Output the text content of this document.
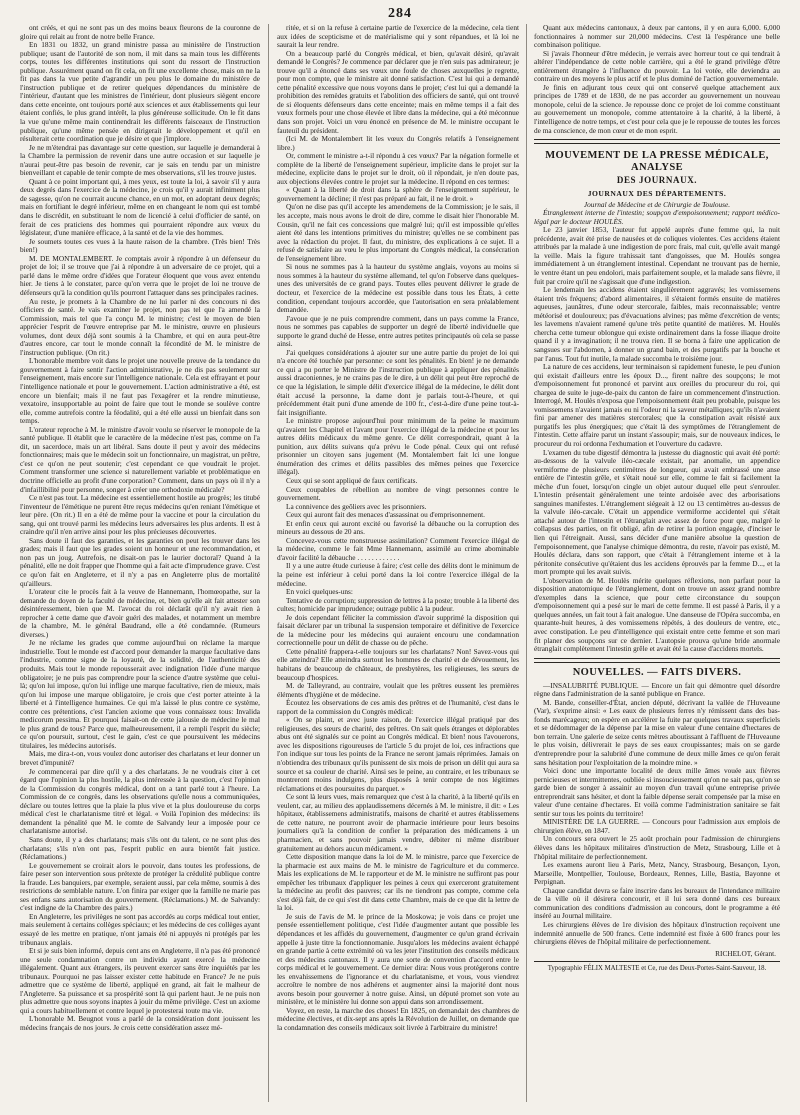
284

ont créés, et qui ne sont pas un des moins beaux fleurons de la couronne de gloire qui relait au front de notre belle France.

En 1831 ou 1832, un grand ministre passa au ministère de l'instruction publique; usant de l'autorité de son nom, il mit dans sa main tous les différents corps, toutes les différentes institutions qui sont du ressort de l'instruction publique. Assurément quand on fit cela, on fit une excellente chose, mais on ne la fit pas dans la vue petite d'agrandir un peu plus le domaine du ministère de l'instruction publique et de retirer quelques dépendances du ministère de l'intérieur, d'autant que les ministres de l'intérieur, dont plusieurs siègent encore dans cette enceinte, ont toujours porté aux sciences et aux établissements qui leur étaient confiés, le plus grand intérêt, la plus généreuse sollicitude. On le fit dans la vue qu'une même main continendrait les différents faisceaux de l'instruction publique, qu'une même pensée en dirigerait le développement et qu'il en résulterait cette coordination que je désire et que j'implore.

Je ne m'étendrai pas davantage sur cette question, sur laquelle je demanderai à la Chambre la permission de revenir dans une autre occasion et sur laquelle je n'aurai peut-être pas besoin de revenir, car je sais en tendu par un ministre bienveillant et capable de tenir compte de mes observations, s'il les trouve justes.

Quant à ce point important qui, à mes yeux, est toute la loi, à savoir s'il y aura deux degrés dans l'exercice de la médecine, je crois qu'il y aurait infiniment plus de sagesse, qu'on ne courrait aucune chance, en un mot, en adoptant deux degrés; mais en fortifiant le degré inférieur, même en en changeant le nom qui est tombé dans le discrédit, en substituant le nom de licencié à celui d'officier de santé, on ferait de ces praticiens des hommes qui pourraient répondre aux vœux du législateur, d'une manière efficace, à la santé et de la vie des hommes.

Je soumets toutes ces vues à la haute raison de la chambre. (Très bien! Très bien!)

M. DE MONTALEMBERT. Je comptais avoir à répondre à un défenseur du projet de loi; il se trouve que j'ai à répondre à un adversaire de ce projet, qui a parlé dans le même ordre d'idées que l'orateur éloquent que vous avez entendu hier. Je tiens à le constater, parce qu'on verra que le projet de loi ne trouve de défenseurs qu'à la condition qu'ils pourront l'attaquer dans ses principales racines.

Au reste, je promets à la Chambre de ne lui parler ni des concours ni des officiers de santé. Je vais examiner le projet, non pas tel que l'a amendé la Commission, mais tel que l'a conçu M. le ministre; c'est le moyen de bien apprécier l'esprit de l'œuvre entreprise par M. le ministre, œuvre en plusieurs volumes, dont deux déjà sont soumis à la Chambre, et qui en aura peut-être d'autres encore, car tout le monde connaît la fécondité de M. le ministre de l'instruction publique. (On rit.)

L'honorable membre voit dans le projet une nouvelle preuve de la tendance du gouvernement à faire sentir l'action administrative, je ne dis pas seulement sur l'enseignement, mais encore sur l'intelligence nationale. Cela est effrayant et pour l'intelligence nationale et pour le gouvernement. L'action administrative a été, est encore un bienfait; mais il ne faut pas l'exagérer et la rendre minutieuse, vexatoire, insupportable au point de faire que tout le monde se soulève contre elle, comme autrefois contre la féodalité, qui a été elle aussi un bienfait dans son temps.

L'orateur reproche à M. le ministre d'avoir voulu se réserver le monopole de la santé publique. Il établit que le caractère de la médecine n'est pas, comme on l'a dit, un sacerdoce, mais un art libéral. Sans doute il peut y avoir des médecins fonctionnaires; mais que le médecin soit un fonctionnaire, un magistrat, un prêtre, c'est ce qu'on ne peut soutenir; c'est cependant ce que voudrait le projet. Comment transformer une science si naturellement variable et problématique en doctrine officielle au profit d'une corporation? Comment, dans un pays où il n'y a d'infaillibilité pour personne, songer à créer une orthodoxie médicale?

Ce n'est pas tout. La médecine est essentiellement hostile au progrès; les titubé l'inventeur de l'émétique ne purent être reçus médecins qu'en reniant l'émétique et leur père. (On rit.) Il en a été de même pour la vaccine et pour la circulation du sang, qui ont trouvé parmi les médecins leurs adversaires les plus ardents. Il est à craindre qu'il n'en arrive ainsi pour les plus précieuses découvertes.

Sans doute il faut des garanties, et les garanties on peut les trouver dans les grades; mais il faut que les grades soient un honneur et une recommandation, et non pas un joug. Autrefois, ne disait-on pas le laurier doctoral? Quand à la pénalité, elle ne doit frapper que l'homme qui a fait acte d'imprudence grave. C'est ce qu'on fait en Angleterre, et il n'y a pas en Angleterre plus de mortalité qu'ailleurs.

L'orateur cite le procès fait à la veuve de Hannemann, l'homœopathe, sur la demande du doyen de la faculté de médecine, et, bien qu'elle ait fait attester son désintéressement, bien que M. l'avocat du roi déclarât qu'il n'y avait rien à reprocher à cette dame que d'avoir guéri des malades, et notamment un membre de la chambre, M. le général Baudrand, elle a été condamnée. (Rumeurs diverses.)

Je ne réclame les grades que comme aujourd'hui on réclame la marque industrielle. Tout le monde est d'accord pour demander la marque facultative dans l'industrie, comme signe de la loyauté, de la solidité, de l'authenticité des produits. Mais tout le monde repousserait avec indignation l'idée d'une marque obligatoire; je ne puis pas comprendre pour la science d'autre système que celui-là; qu'on lui impose, qu'on lui inflige une marque facultative, rien de mieux, mais qu'on lui impose une marque obligatoire, je crois que c'est porter atteinte à la liberté et à l'intelligence humaines. Ce qui m'a laissé le plus contre ce système, contre ces prétentions, c'est l'ancien axiome que vous connaissez tous: Invalida medicorum pessima. Et pourquoi faisait-on de cette jalousie de médecine le mal le plus grand de tous? Parce que, malheureusement, il a rempli l'esprit du siècle; ce qu'on poursuit, surtout, c'est le gain, c'est ce que poursuivent les médecins titulaires, les médecins autorisés.

Mais, me dira-t-on, vous voulez donc autoriser des charlatans et leur donner un brevet d'impunité?

Je commencerai par dire qu'il y a des charlatans. Je ne voudrais citer à cet égard que l'opinion la plus hostile, la plus intéressée à la question, c'est l'opinion de la Commission du congrès médical, dont on a tant parlé tout à l'heure. La Commission de ce congrès, dans les observations qu'elle nous a communiquées, déclare ou toutes lettres que la plaie la plus vive et la plus douloureuse du corps médical c'est le charlatanisme titré et légal. « Voilà l'opinion des médecins: ils demandent la pénalité que M. le comte de Salvandy leur a imposée pour ce charlatanisme autorisé.

Sans doute, il y a des charlatans; mais s'ils ont du talent, ce ne sont plus des charlatans; s'ils n'en ont pas, l'esprit public en aura bientôt fait justice. (Réclamations.)

Le gouvernement se croirait alors le pouvoir, dans toutes les professions, de faire peser son intervention sous prétexte de protéger la crédulité publique contre la fraude. Les banquiers, par exemple, seraient aussi, par cela même, soumis à des restrictions de semblable nature. L'on finira par exiger que la famille ne marie pas ses enfans sans autorisation du gouvernement. (Réclamations.) M. de Salvandy: c'est indigne de la Chambre des pairs.)

En Angleterre, les privilèges ne sont pas accordés au corps médical tout entier, mais seulement à certains collèges spéciaux; et les médecins de ces collèges ayant essayé de les mettre en pratique, n'ont jamais été ni appuyés ni protégés par les tribunaux anglais.

Et si je suis bien informé, depuis cent ans en Angleterre, il n'a pas été prononcé une seule condamnation contre un individu ayant exercé la médecine illégalement. Quant aux étrangers, ils peuvent exercer sans être inquiétés par les tribunaux. Pourquoi ne pas laisser exister cette habitude en France? Je ne puis admettre que ce système de liberté, appliqué en grand, ait fait le malheur de l'Angleterre. Sa puissance et sa prospérité sont là qui parlent haut. Je ne puis non plus admettre que nous soyons inaptes à jouir du même privilège. C'est un axiome qui a cours habituellement et contre lequel je protesterai toute ma vie.

L'honorable M. Beugnot vous a parlé de la considération dont jouissent les médecins français de nos jours. Je crois cette considération assez mé-

ritée, et si on la refuse à certaine partie de l'exercice de la médecine, cela tient aux idées de scepticisme et de matérialisme qui y sont répandues, et là loi ne saurait la leur rendre.

On a beaucoup parlé du Congrès médical, et bien, qu'avait désiré, qu'avait demandé le Congrès? Je commence par déclarer que je n'en suis pas admirateur; je trouve qu'il a énoncé dans ses vœux une foule de choses auxquelles je regrette, pour mon compte, que le ministre ait donné satisfaction. C'est lui qui a demandé cette pénalité excessive que nous voyons dans le projet; c'est lui qui a demandé la prohibition des remèdes gratuits et l'abolition des officiers de santé, qui ont trouvé de si éloquents défenseurs dans cette enceinte; mais en même temps il a fait des vœux formels pour une chose élevée et libre dans la médecine, qui a été méconnue dans son projet. Voici un vœu énoncé en présence de M. le ministre occupant le fauteuil du président.

(Ici M. de Montalembert lit les vœux du Congrès relatifs à l'enseignement libre.)

Or, comment le ministre a-t-il répondu à ces vœux? Par la négation formelle et complète de la liberté de l'enseignement supérieur, implicite dans le projet sur la médecine, explicite dans le projet sur le droit, où il répondait, je n'en doute pas, aux objections élevées contre le projet sur la médecine. Il répond en ces termes:

« Quant à la liberté de droit dans la sphère de l'enseignement supérieur, le gouvernement la décline; il n'est pas préparé au fait, il ne le droit. »

Qu'on ne dise pas qu'il accepte les amendemens de la Commission; je le sais, il les accepte, mais nous avons le droit de dire, comme le disait hier l'honorable M. Cousin, qu'il ne fait ces concessions que malgré lui; qu'il est impossible qu'elles aient été dans les intentions primitives du ministre; qu'elles ne se combinent pas avec la rédaction du projet. Il faut, du ministre, des explications à ce sujet. Il a refusé de satisfaire au vœu le plus important du Congrès médical, la consécration de l'enseignement libre.

Si nous ne sommes pas à la hauteur du système anglais, voyons au moins si nous sommes à la hauteur du système allemand, tel qu'on l'observe dans quelques-unes des universités de ce grand pays. Toutes elles peuvent délivrer le grade de docteur, et l'exercice de la médecine est possible dans tous les États, à cette condition, cependant toujours accordée, que l'autorisation en sera préalablement demandée.

J'avoue que je ne puis comprendre comment, dans un pays comme la France, nous ne sommes pas capables de supporter un degré de liberté individuelle que supporte le grand duché de Hesse, entre autres petites principautés où cela se passe ainsi.

J'ai quelques considérations à ajouter sur une autre partie du projet de loi qui n'a encore été touchée par personne: ce sont les pénalités. En bien! je ne demande ce qui a pu porter le Ministre de l'instruction publique à appliquer des pénalités aussi draconiennes, je ne crains pas de le dire, à un délit qui peut être reproché de ce que la législation, le simple délit d'exercice illégal de la médecine, le délit dont était accusé la personne, la dame dont je parlais tout-à-l'heure, et qui précédemment était puni d'une amende de 100 fr., c'est-à-dire d'une peine tout-à-fait insignifiante.

Le ministre propose aujourd'hui pour minimum de la peine le maximum qu'avaient les Chapitel et l'avant pour l'exercice illégal de la médecine et pour les autres délits médicaux du même genre. Ce délit correspondrait, quant à la punition, aux délits suivans qu'a prévu le Code pénal. Ceux qui ont refusé prisonnier un citoyen sans jugement (M. Montalembert fait lci une longue énumération des crimes et délits passibles des mêmes peines que l'exercice illégal).

Ceux qui se sont appliqué de faux certificats.

Ceux coupables de rébellion au nombre de vingt personnes contre le gouvernement.

La connivence des geôliers avec les prisonniers.

Ceux qui auront fait des menaces d'assassinat ou d'emprisonnement.

Et enfin ceux qui auront excité ou favorisé la débauche ou la corruption des mineurs au dessous de 20 ans.

Concevez-vous cette monstrueuse assimilation? Comment l'exercice illégal de la médecine, comme le fait Mme Hannemann, assimilé au crime abominable d'avoir facilité la débauche . . . . . . . . . . . .

Il y a une autre étude curieuse à faire; c'est celle des délits dont le minimum de la peine est inférieur à celui porté dans la loi contre l'exercice illégal de la médecine.

En voici quelques-uns:

Tentative de corruption; suppression de lettres à la poste; trouble à la liberté des cultes; homicide par imprudence; outrage public à la pudeur.

Je dois cependant féliciter la commission d'avoir supprimé la disposition qui faisait déclarer par un tribunal la suspension temporaire et définitive de l'exercice de la médecine pour les médecins qui auraient encouru une condamnation correctionnelle pour un délit de chasse ou de pêche.

Cette pénalité frappera-t-elle toujours sur les charlatans? Non! Savez-vous qui elle atteindra? Elle atteindra surtout les hommes de charité et de dévouement, les habitans de beaucoup de châteaux, de presbytères, les religieuses, les sœurs de beaucoup d'hospices.

M. de Talleyrand, au contraire, voulait que les prêtres eussent les premières éléments d'hygiène et de médecine.

Écoutez les observations de ces amis des prêtres et de l'humanité, c'est dans le rapport de la commission du Congrès médical:

« On se plaint, et avec juste raison, de l'exercice illégal pratiqué par des religieuses, des sœurs de charité, des prêtres. On sait quels étranges et déplorables abus ont été signalés sur ce point au Congrès médical. Et bien! nous l'avouerons, avec les dispositions rigoureuses de l'article 5 du projet de loi, ces infractions que l'on indique sur tous les points de la France ne seront jamais réprimées. Jamais on n'obtiendra des tribunaux qu'ils punissent de six mois de prison un délit qui aura sa source et sa couleur de charité. Ainsi ses le peine, au contraire, et les tribunaux se montreront moins indulgens, plus disposés à tenir compte de nos légitimes réclamations et des poursuites du parquet. »

Ce sont là leurs vues, mais remarquez que c'est à la charité, à la liberté qu'ils en veulent, car, au milieu des applaudissemens décernés à M. le ministre, il dit: « Les hôpitaux, établissemens administratifs, maisons de charité et autres établissemens de cette nature, ne pourront avoir de pharmacie intérieure pour leurs besoins journaliers qu'à la condition de confier la préparation des médicamens à un pharmacien, et sans pouvoir jamais vendre, débiter ni même distribuer gratuitement au dehors aucun médicament. »

Cette disposition manque dans la loi de M. le ministre, parce que l'exercice de la pharmacie est aux mains de M. le ministre de l'agriculture et du commerce. Mais les explications de M. le rapporteur et de M. le ministre ne suffiront pas pour empêcher les tribunaux d'appliquer les peines à ceux qui exerceront gratuitement la médecine au profit des pauvres; car ils ne tiendront pas compte, comme cela s'est déjà fait, de ce qui s'est dit dans cette Chambre, mais de ce que dit la lettre de la loi.

Je suis de l'avis de M. le prince de la Moskowa; je vois dans ce projet une pensée essentiellement politique, c'est l'idée d'augmenter autant que possible les dépendances et les affidés du gouvernement, d'augmenter ce qu'un grand écrivain appelle à juste titre la fonctionnomanie. Jusqu'alors les médecins avaient échappé en grande partie à cette extrémité où va les jeter l'institution des conseils médicaux et des médecins cantonaux. Il y aura une sorte de convention d'accord entre le corps médical et le gouvernement. Ce dernier dira: Nous vous protégerons contre les envahissemens de l'ignorance et du charlatanisme, et vous, vous viendrez accroître le nombre de nos adhérens et augmenter ainsi la majorité dont nous avons besoin pour gouverner à notre guise. Ainsi, un député promet son vote au ministère, et le ministère lui donne son appui dans son arrondissement.

Voyez, en reste, la marche des choses! En 1825, on demandait des chambres de médecine électives, et dix-sept ans après la Révolution de Juillet, on demande que la condamnation des conseils médicaux soit livrée à l'arbitraire du ministre!

Quant aux médecins cantonaux, à deux par cantons, il y en aura 6,000. 6,000 fonctionnaires à nommer sur 20,000 médecins. C'est là l'espérance une belle combinaison politique.

Si j'avais l'honneur d'être médecin, je verrais avec horreur tout ce qui tendrait à altérer l'indépendance de cette noble carrière, qui a été le grand privilège d'être entièrement étrangère à l'influence du pouvoir. La loi votée, elle deviendra au contraire un des moyens le plus actif et le plus dominé de l'action gouvernementale.

Je finis en adjurant tous ceux qui ont conservé quelque attachement aux principes de 1789 et de 1830, de ne pas accorder au gouvernement un nouveau monopole, celui de la science. Je repousse donc ce projet de loi comme constituant au gouvernement un monopole, comme attentatoire à la charité, à la liberté, à l'intelligence de notre temps, et c'est pour cela que je le repousse de toutes les forces de ma conscience, de mon cœur et de mon esprit.

MOUVEMENT DE LA PRESSE MÉDICALE, ANALYSE
DES JOURNAUX.
JOURNAUX DES DÉPARTEMENTS.

Journal de Médecine et de Chirurgie de Toulouse.

Étranglement interne de l'intestin; soupçon d'empoisonnement; rapport médico-légal par le docteur HOULÈS.

Le 23 janvier 1853, l'auteur fut appelé auprès d'une femme qui, la nuit précédente, avait été prise de nausées et de coliques violentes. Ces accidens étaient attribués par la malade à une indigestion de porc frais, mal cuit, qu'elle avait mangé la veille. Mais la figure trahissait tant d'angoisses, que M. Houlès songea immédiatement à un étranglement intestinal. Cependant ne trouvant pas de hernie, le ventre étant un peu endolori, mais parfaitement souple, et la malade sans fièvre, il fuit par croire qu'il ne s'agissait que d'une indigestion.

Le lendemain les accidens étaient singulièrement aggravés; les vomissemens étaient très fréquens; d'abord alimentaires, il s'étaient formés ensuite de matières aqueuses, jaunâtres, d'une odeur stercorale, faibles, mais reconnaissable; ventre météorisé et douloureux; pas d'évacuations alvines; pas même d'excrétion de vents; les lavemens n'avaient ramené qu'une très petite quantité de matières. M. Houlès chercha cette tumeur oblongue qui existe ordinairement dans la fosse iliaque droite quand il y a invagination; il ne trouva rien. Il se borna à faire une application de sangsues sur l'abdomen, à donner un grand bain, et des purgatifs par la bouche et par l'anus. Tout fut inutile, la malade succomba le troisième jour.

La nature de ces accidens, leur terminaison si rapidement funeste, le peu d'union qui existait d'ailleurs entre les époux D..., firent naître des soupçons; le mot d'empoisonnement fut prononcé et parvint aux oreilles du procureur du roi, qui chargea de suite le juge-de-paix du canton de faire un commencement d'instruction. Interrogé, M. Houlès n'exposa que l'empoisonnement était peu probable, puisque les vomissemens n'avaient jamais eu ni l'odeur ni la saveur métalliques; qu'ils n'avaient fini par amener des matières stercorales; que la constipation avait résisté aux purgatifs les plus énergiques; que c'était là des symptômes de l'étranglement de l'intestin. Cette affaire parut un instant s'assoupir; mais, sur de nouveaux indices, le procureur du roi ordonna l'exhumation et l'ouverture du cadavre.

L'examen du tube digestif démontra la justesse du diagnostic qui avait été porté: au-dessous de la valvule iléo-cæcale existait, par anomalie, un appendice vermiforme de plusieurs centimètres de longueur, qui avait embrassé une anse entière de l'intestin grêle, et s'était noué sur elle, comme le fait si facilement la mèche d'un fouet, lorsqu'on cingle un objet autour duquel elle peut s'enrouler. L'intestin présentait généralement une teinte ardoisée avec des arborisations sanguines manifestes. L'étranglement siégeait à 12 ou 13 centimètres au-dessus de la valvule iléo-cæcale. C'était un appendice vermiforme accidentel qui s'était attaché autour de l'intestin et l'étranglait avec assez de force pour que, malgré le collapsus des parties, on fit obligé, afin de retirer la portion engagée, d'inciser le lien qui l'étreignait. Aussi, sans décider d'une manière absolue la question de l'empoisonnement, que l'analyse chimique démontra, du reste, n'avoir pas existé, M. Houlès déclara, dans son rapport, que c'était à l'étranglement interne et à la péritonite consécutive qu'étaient dus les accidens éprouvés par la femme D..., et la mort prompte qui les avait suivis.

L'observation de M. Houlès mérite quelques réflexions, non parfaut pour la disposition anatomique de l'étranglement, dont on trouve un assez grand nombre d'exemples dans la science, que pour cette circonstance du soupçon d'empoisonnement qui a pesé sur le mari de cette femme. Il est passé à Paris, il y a quelques années, un fait tout à fait analogue. Une danseuse de l'Opéra succomba, en quarante-huit heures, à des vomissemens répétés, à des douleurs de ventre, etc., avec constipation. Le peu d'intelligence qui existait entre cette femme et son mari fit planer des soupçons sur ce dernier. L'autopsie prouva qu'une bride anormale étranglait complètement l'intestin grêle et avait été la cause d'accidens mortels.

NOUVELLES. — FAITS DIVERS.

—INSALUBRITÉ PUBLIQUE. — Encore un fait qui démontre quel désordre règne dans l'administration de la santé publique en France.

M. Bande, conseiller-d'État, ancien député, décrivant la vallée de l'Huveaune (Var), s'exprime ainsi: « Les eaux de plusieurs ferres n'y rémissent dans des bas-fonds marécageux; on espère en accélérer la fuite par quelques travaux superficiels et se dédommager de la dépense par la mise en valeur d'une centaine d'hectares de bon terrain. Une galerie de seize cents mètres aboutissant à l'affluent de l'Huveaune le plus voisin, délivrerait le pays de ses eaux croupissantes; mais on se garde d'entreprendre pour la salubrité d'une commune de deux mille âmes ce qu'on ferait sans hésitation pour l'exploitation de la moindre mine. »

Voici donc une importante localité de deux mille âmes vouée aux fièvres pernicieuses et intermittentes, oubliée si insoucieusement qu'on ne sait pas, qu'on se garde bien de songer à assainir au moyen d'un travail qu'une entreprise privée entreprendrait sans hésiter, et dont la faible dépense serait compensée par la mise en valeur d'une centaine d'hectares. Et voilà comme l'administration sanitaire se fait sentir sur tous les points du territoire!

MINISTÈRE DE LA GUERRE. — Concours pour l'admission aux emplois de chirurgien élève, en 1847.

Un concours sera ouvert le 25 août prochain pour l'admission de chirurgiens élèves dans les hôpitaux militaires d'instruction de Metz, Strasbourg, Lille et à l'hôpital militaire de perfectionnement.

Les examens auront lieu à Paris, Metz, Nancy, Strasbourg, Besançon, Lyon, Marseille, Montpellier, Toulouse, Bordeaux, Rennes, Lille, Bastia, Bayonne et Perpignan.

Chaque candidat devra se faire inscrire dans les bureaux de l'intendance militaire de la ville où il désirera concourir, et il lui sera donné dans ces bureaux communication des conditions d'admission au concours, dont le programme a été inséré au Journal militaire.

Les chirurgiens élèves de 1re division des hôpitaux d'instruction reçoivent une indemnité annuelle de 500 francs. Cette indemnité est fixée à 600 francs pour les chirurgiens élèves de l'hôpital militaire de perfectionnement.

RICHELOT, Gérant.
Typographie FÉLIX MALTESTE et Ce, rue des Deux-Portes-Saint-Sauveur, 18.
